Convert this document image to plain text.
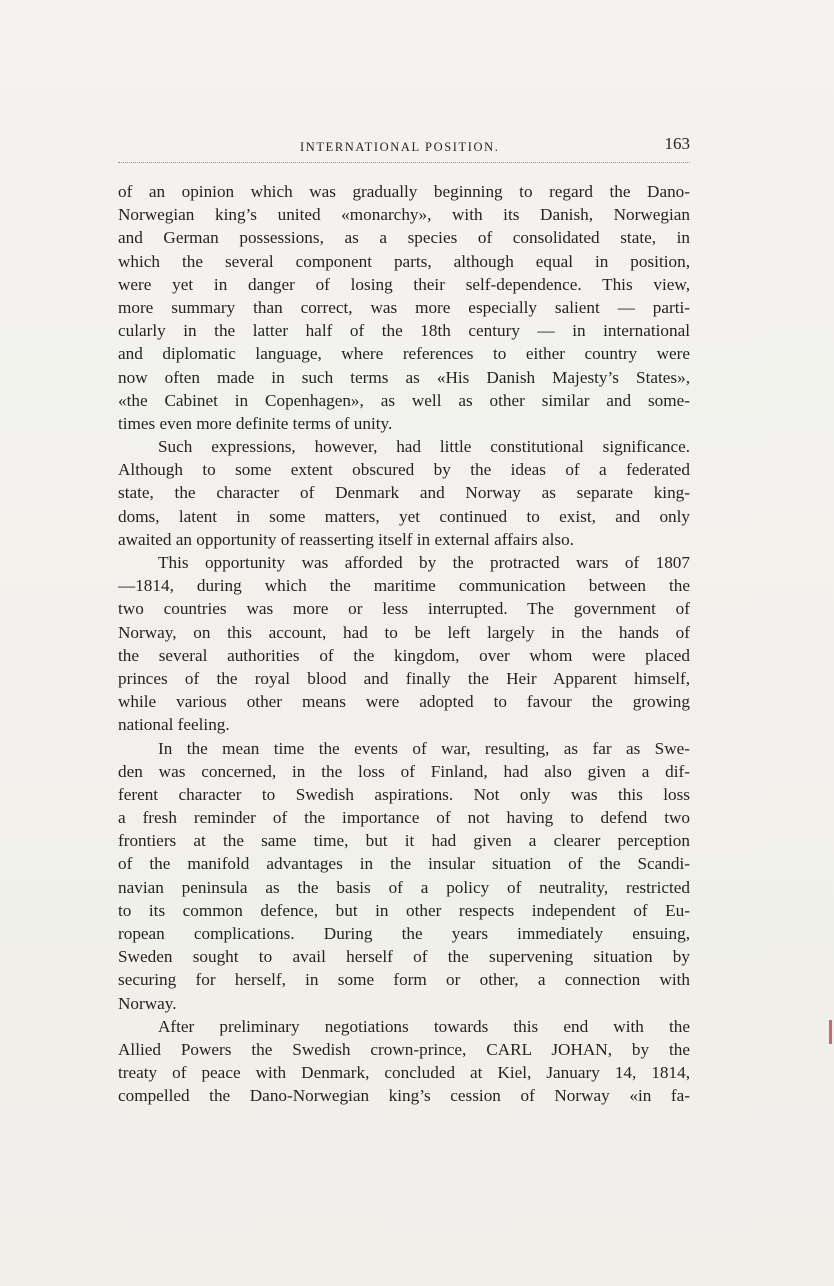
INTERNATIONAL POSITION.	163
of an opinion which was gradually beginning to regard the Dano-
Norwegian king’s united «monarchy», with its Danish, Norwegian
and German possessions, as a species of consolidated state, in
which the several component parts, although equal in position,
were yet in danger of losing their self-dependence. This view,
more summary than correct, was more especially salient — parti-
cularly in the latter half of the 18th century — in international
and diplomatic language, where references to either country were
now often made in such terms as «His Danish Majesty’s States»,
«the Cabinet in Copenhagen», as well as other similar and some-
times even more definite terms of unity.
Such expressions, however, had little constitutional significance.
Although to some extent obscured by the ideas of a federated
state, the character of Denmark and Norway as separate king-
doms, latent in some matters, yet continued to exist, and only
awaited an opportunity of reasserting itself in external affairs also.
This opportunity was afforded by the protracted wars of 1807
—1814, during which the maritime communication between the
two countries was more or less interrupted. The government of
Norway, on this account, had to be left largely in the hands of
the several authorities of the kingdom, over whom were placed
princes of the royal blood and finally the Heir Apparent himself,
while various other means were adopted to favour the growing
national feeling.
In the mean time the events of war, resulting, as far as Swe-
den was concerned, in the loss of Finland, had also given a dif-
ferent character to Swedish aspirations. Not only was this loss
a fresh reminder of the importance of not having to defend two
frontiers at the same time, but it had given a clearer perception
of the manifold advantages in the insular situation of the Scandi-
navian peninsula as the basis of a policy of neutrality, restricted
to its common defence, but in other respects independent of Eu-
ropean complications. During the years immediately ensuing,
Sweden sought to avail herself of the supervening situation by
securing for herself, in some form or other, a connection with
Norway.
After preliminary negotiations towards this end with the
Allied Powers the Swedish crown-prince, CARL JOHAN, by the
treaty of peace with Denmark, concluded at Kiel, January 14, 1814,
compelled the Dano-Norwegian king’s cession of Norway «in fa-
